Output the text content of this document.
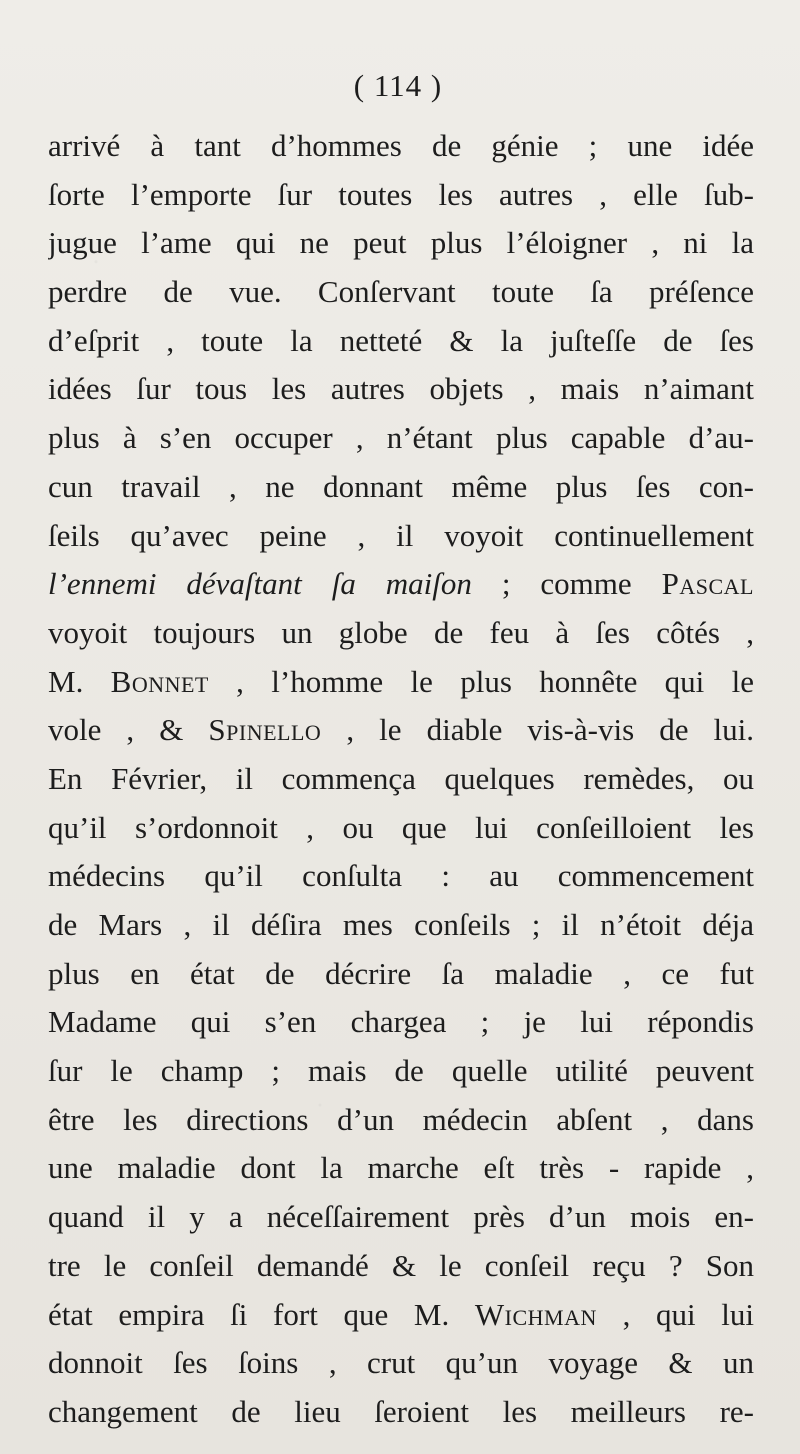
( 114 )
arrivé à tant d’hommes de génie ; une idée
ſorte l’emporte ſur toutes les autres , elle ſub-
jugue l’ame qui ne peut plus l’éloigner , ni la
perdre de vue. Conſervant toute ſa préſence
d’eſprit , toute la netteté & la juſteſſe de ſes
idées ſur tous les autres objets , mais n’aimant
plus à s’en occuper , n’étant plus capable d’au-
cun travail , ne donnant même plus ſes con-
ſeils qu’avec peine , il voyoit continuellement
l’ennemi dévaſtant ſa maiſon ; comme Pascal
voyoit toujours un globe de feu à ſes côtés ,
M. Bonnet , l’homme le plus honnête qui le
vole , & Spinello , le diable vis-à-vis de lui.
En Février, il commença quelques remèdes, ou
qu’il s’ordonnoit , ou que lui conſeilloient les
médecins qu’il conſulta : au commencement
de Mars , il déſira mes conſeils ; il n’étoit déja
plus en état de décrire ſa maladie , ce fut
Madame qui s’en chargea ; je lui répondis
ſur le champ ; mais de quelle utilité peuvent
être les directions d’un médecin abſent , dans
une maladie dont la marche eſt très - rapide ,
quand il y a néceſſairement près d’un mois en-
tre le conſeil demandé & le conſeil reçu ? Son
état empira ſi fort que M. Wichman , qui lui
donnoit ſes ſoins , crut qu’un voyage & un
changement de lieu ſeroient les meilleurs re-
